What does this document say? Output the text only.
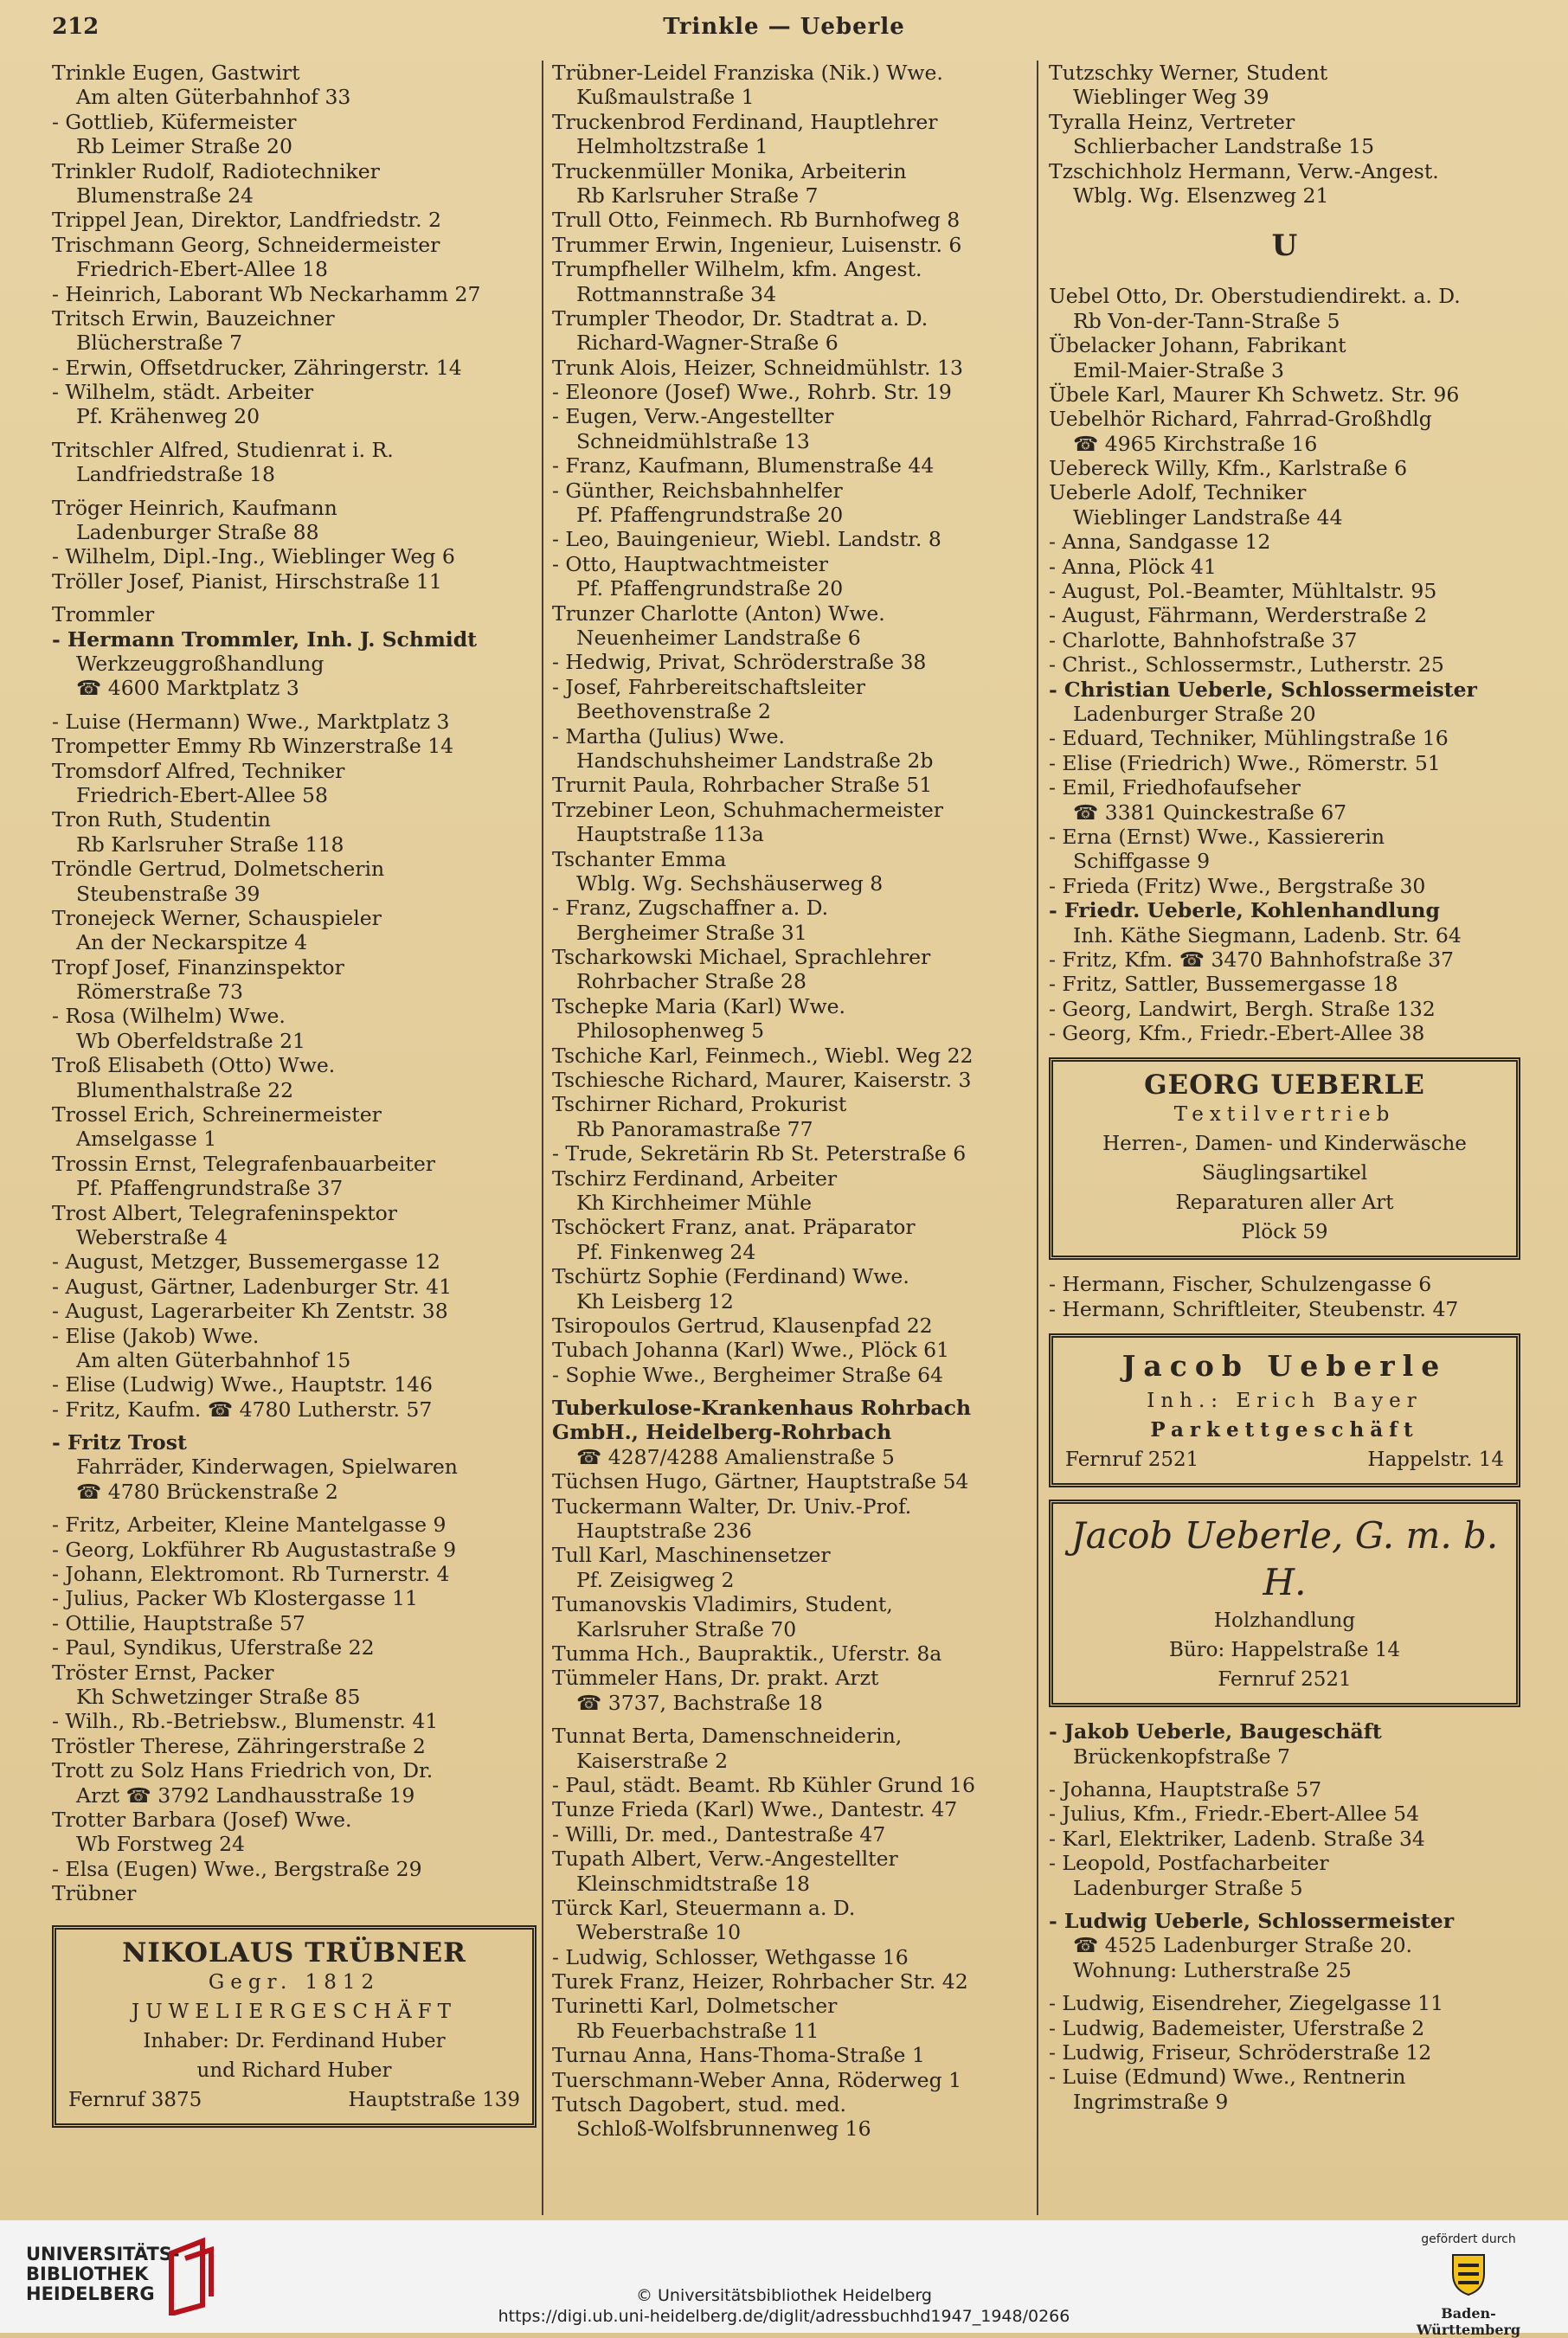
212	Trinkle — Ueberle
Trinkle Eugen, Gastwirt
Am alten Güterbahnhof 33
- Gottlieb, Küfermeister
Rb Leimer Straße 20
Trinkler Rudolf, Radiotechniker
Blumenstraße 24
Trippel Jean, Direktor, Landfriedstr. 2
Trischmann Georg, Schneidermeister
Friedrich-Ebert-Allee 18
- Heinrich, Laborant Wb Neckarhamm 27
Tritsch Erwin, Bauzeichner
Blücherstraße 7
- Erwin, Offsetdrucker, Zähringerstr. 14
- Wilhelm, städt. Arbeiter
Pf. Krähenweg 20
Tritschler Alfred, Studienrat i. R.
Landfriedstraße 18
Tröger Heinrich, Kaufmann
Ladenburger Straße 88
- Wilhelm, Dipl.-Ing., Wieblinger Weg 6
Tröller Josef, Pianist, Hirschstraße 11
Trommler
- Hermann Trommler, Inh. J. Schmidt
Werkzeuggroßhandlung
☎ 4600 Marktplatz 3
- Luise (Hermann) Wwe., Marktplatz 3
Trompetter Emmy Rb Winzerstraße 14
Tromsdorf Alfred, Techniker
Friedrich-Ebert-Allee 58
Tron Ruth, Studentin
Rb Karlsruher Straße 118
Tröndle Gertrud, Dolmetscherin
Steubenstraße 39
Tronejeck Werner, Schauspieler
An der Neckarspitze 4
Tropf Josef, Finanzinspektor
Römerstraße 73
- Rosa (Wilhelm) Wwe.
Wb Oberfeldstraße 21
Troß Elisabeth (Otto) Wwe.
Blumenthalstraße 22
Trossel Erich, Schreinermeister
Amselgasse 1
Trossin Ernst, Telegrafenbauarbeiter
Pf. Pfaffengrundstraße 37
Trost Albert, Telegrafeninspektor
Weberstraße 4
- August, Metzger, Bussemergasse 12
- August, Gärtner, Ladenburger Str. 41
- August, Lagerarbeiter Kh Zentstr. 38
- Elise (Jakob) Wwe.
Am alten Güterbahnhof 15
- Elise (Ludwig) Wwe., Hauptstr. 146
- Fritz, Kaufm. ☎ 4780 Lutherstr. 57
- Fritz Trost
Fahrräder, Kinderwagen, Spielwaren
☎ 4780 Brückenstraße 2
- Fritz, Arbeiter, Kleine Mantelgasse 9
- Georg, Lokführer Rb Augustastraße 9
- Johann, Elektromont. Rb Turnerstr. 4
- Julius, Packer Wb Klostergasse 11
- Ottilie, Hauptstraße 57
- Paul, Syndikus, Uferstraße 22
Tröster Ernst, Packer
Kh Schwetzinger Straße 85
- Wilh., Rb.-Betriebsw., Blumenstr. 41
Tröstler Therese, Zähringerstraße 2
Trott zu Solz Hans Friedrich von, Dr.
Arzt ☎ 3792 Landhausstraße 19
Trotter Barbara (Josef) Wwe.
Wb Forstweg 24
- Elsa (Eugen) Wwe., Bergstraße 29
Trübner
NIKOLAUS TRÜBNER
Gegr. 1812
JUWELIERGESCHÄFT
Inhaber: Dr. Ferdinand Huber
und Richard Huber
Fernruf 3875	Hauptstraße 139
Trübner-Leidel Franziska (Nik.) Wwe.
Kußmaulstraße 1
Truckenbrod Ferdinand, Hauptlehrer
Helmholtzstraße 1
Truckenmüller Monika, Arbeiterin
Rb Karlsruher Straße 7
Trull Otto, Feinmech. Rb Burnhofweg 8
Trummer Erwin, Ingenieur, Luisenstr. 6
Trumpfheller Wilhelm, kfm. Angest.
Rottmannstraße 34
Trumpler Theodor, Dr. Stadtrat a. D.
Richard-Wagner-Straße 6
Trunk Alois, Heizer, Schneidmühlstr. 13
- Eleonore (Josef) Wwe., Rohrb. Str. 19
- Eugen, Verw.-Angestellter
Schneidmühlstraße 13
- Franz, Kaufmann, Blumenstraße 44
- Günther, Reichsbahnhelfer
Pf. Pfaffengrundstraße 20
- Leo, Bauingenieur, Wiebl. Landstr. 8
- Otto, Hauptwachtmeister
Pf. Pfaffengrundstraße 20
Trunzer Charlotte (Anton) Wwe.
Neuenheimer Landstraße 6
- Hedwig, Privat, Schröderstraße 38
- Josef, Fahrbereitschaftsleiter
Beethovenstraße 2
- Martha (Julius) Wwe.
Handschuhsheimer Landstraße 2b
Trurnit Paula, Rohrbacher Straße 51
Trzebiner Leon, Schuhmachermeister
Hauptstraße 113a
Tschanter Emma
Wblg. Wg. Sechshäuserweg 8
- Franz, Zugschaffner a. D.
Bergheimer Straße 31
Tscharkowski Michael, Sprachlehrer
Rohrbacher Straße 28
Tschepke Maria (Karl) Wwe.
Philosophenweg 5
Tschiche Karl, Feinmech., Wiebl. Weg 22
Tschiesche Richard, Maurer, Kaiserstr. 3
Tschirner Richard, Prokurist
Rb Panoramastraße 77
- Trude, Sekretärin Rb St. Peterstraße 6
Tschirz Ferdinand, Arbeiter
Kh Kirchheimer Mühle
Tschöckert Franz, anat. Präparator
Pf. Finkenweg 24
Tschürtz Sophie (Ferdinand) Wwe.
Kh Leisberg 12
Tsiropoulos Gertrud, Klausenpfad 22
Tubach Johanna (Karl) Wwe., Plöck 61
- Sophie Wwe., Bergheimer Straße 64
Tuberkulose-Krankenhaus Rohrbach
GmbH., Heidelberg-Rohrbach
☎ 4287/4288 Amalienstraße 5
Tüchsen Hugo, Gärtner, Hauptstraße 54
Tuckermann Walter, Dr. Univ.-Prof.
Hauptstraße 236
Tull Karl, Maschinensetzer
Pf. Zeisigweg 2
Tumanovskis Vladimirs, Student,
Karlsruher Straße 70
Tumma Hch., Baupraktik., Uferstr. 8a
Tümmeler Hans, Dr. prakt. Arzt
☎ 3737, Bachstraße 18
Tunnat Berta, Damenschneiderin,
Kaiserstraße 2
- Paul, städt. Beamt. Rb Kühler Grund 16
Tunze Frieda (Karl) Wwe., Dantestr. 47
- Willi, Dr. med., Dantestraße 47
Tupath Albert, Verw.-Angestellter
Kleinschmidtstraße 18
Türck Karl, Steuermann a. D.
Weberstraße 10
- Ludwig, Schlosser, Wethgasse 16
Turek Franz, Heizer, Rohrbacher Str. 42
Turinetti Karl, Dolmetscher
Rb Feuerbachstraße 11
Turnau Anna, Hans-Thoma-Straße 1
Tuerschmann-Weber Anna, Röderweg 1
Tutsch Dagobert, stud. med.
Schloß-Wolfsbrunnenweg 16
Tutzschky Werner, Student
Wieblinger Weg 39
Tyralla Heinz, Vertreter
Schlierbacher Landstraße 15
Tzschichholz Hermann, Verw.-Angest.
Wblg. Wg. Elsenzweg 21
U
Uebel Otto, Dr. Oberstudiendirekt. a. D.
Rb Von-der-Tann-Straße 5
Übelacker Johann, Fabrikant
Emil-Maier-Straße 3
Übele Karl, Maurer Kh Schwetz. Str. 96
Uebelhör Richard, Fahrrad-Großhdlg
☎ 4965 Kirchstraße 16
Uebereck Willy, Kfm., Karlstraße 6
Ueberle Adolf, Techniker
Wieblinger Landstraße 44
- Anna, Sandgasse 12
- Anna, Plöck 41
- August, Pol.-Beamter, Mühltalstr. 95
- August, Fährmann, Werderstraße 2
- Charlotte, Bahnhofstraße 37
- Christ., Schlossermstr., Lutherstr. 25
- Christian Ueberle, Schlossermeister
Ladenburger Straße 20
- Eduard, Techniker, Mühlingstraße 16
- Elise (Friedrich) Wwe., Römerstr. 51
- Emil, Friedhofaufseher
☎ 3381 Quinckestraße 67
- Erna (Ernst) Wwe., Kassiererin
Schiffgasse 9
- Frieda (Fritz) Wwe., Bergstraße 30
- Friedr. Ueberle, Kohlenhandlung
Inh. Käthe Siegmann, Ladenb. Str. 64
- Fritz, Kfm. ☎ 3470 Bahnhofstraße 37
- Fritz, Sattler, Bussemergasse 18
- Georg, Landwirt, Bergh. Straße 132
- Georg, Kfm., Friedr.-Ebert-Allee 38
GEORG UEBERLE
Textilvertrieb
Herren-, Damen- und Kinderwäsche
Säuglingsartikel
Reparaturen aller Art
Plöck 59
- Hermann, Fischer, Schulzengasse 6
- Hermann, Schriftleiter, Steubenstr. 47
Jacob Ueberle
Inh.: Erich Bayer
Parkettgeschäft
Fernruf 2521	Happelstr. 14
Jacob Ueberle, G. m. b. H.
Holzhandlung
Büro: Happelstraße 14
Fernruf 2521
- Jakob Ueberle, Baugeschäft
Brückenkopfstraße 7
- Johanna, Hauptstraße 57
- Julius, Kfm., Friedr.-Ebert-Allee 54
- Karl, Elektriker, Ladenb. Straße 34
- Leopold, Postfacharbeiter
Ladenburger Straße 5
- Ludwig Ueberle, Schlossermeister
☎ 4525 Ladenburger Straße 20.
Wohnung: Lutherstraße 25
- Ludwig, Eisendreher, Ziegelgasse 11
- Ludwig, Bademeister, Uferstraße 2
- Ludwig, Friseur, Schröderstraße 12
- Luise (Edmund) Wwe., Rentnerin
Ingrimstraße 9
UNIVERSITÄTS-
BIBLIOTHEK
HEIDELBERG	© Universitätsbibliothek Heidelberg
https://digi.ub.uni-heidelberg.de/diglit/adressbuchhd1947_1948/0266
gefördert durch
Baden-Württemberg
